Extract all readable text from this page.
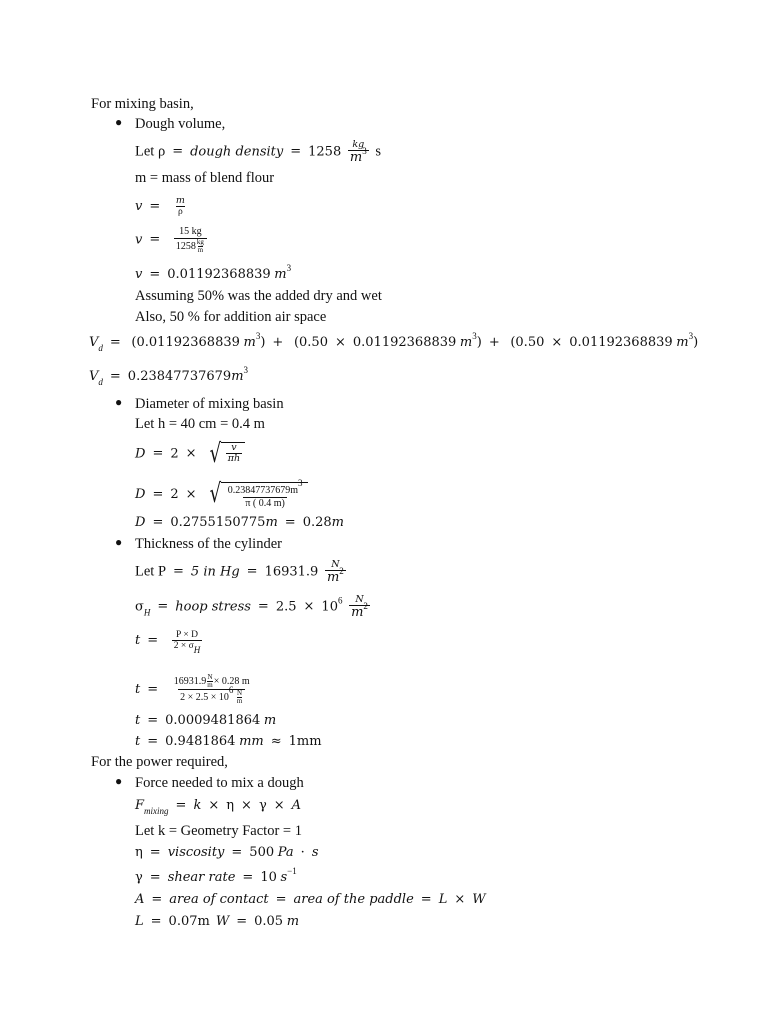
For mixing basin,
● Dough volume,
Let ρ = dough density = $1258 \frac{kg}{m^3}$ s
m = mass of blend flour
$v = \frac{m}{\rho}$
v =
15 kg
$1258 \frac{kg}{m}$
v = 0.01192368839 $m^3$
Assuming 50% was the added dry and wet
Also, 50 % for addition air space
$V_d = (0.01192368839$ $m^3) + (0.50 \times 0.01192368839$ $m^3) + (0.50 \times 0.01192368839$ $m^3$)
$V_d = 0.23847737679m^3$
● Diameter of mixing basin
Let h = 40 cm = 0.4 m
D = 2 × √ $\frac{v}{\pi h}$
D = 2 × √ $\frac{0.23847737679m^3}{\pi ( 0.4 m)}$
D = 0.2755150775m = 0.28m
● Thickness of the cylinder
Let P = 5 in $Hg = 16931.9 \frac{N}{m^2}$
$\sigma_H$ = hoop stress = $2.5 \times 10^6 \frac{N}{m^2}$
$t = \frac{P \times D}{2 \times \sigma_H}$
$t = 16931.9 \frac{N}{m} \times 0.28$ m
$2 \times 2.5 \times 10^6$
$\frac{N}{m}$
t = 0.0009481864 m
t = 0.9481864 mm ≈ 1mm
For the power required,
● Force needed to mix a dough
$F_{mixing} = k \times \eta \times \gamma \times A$
Let k = Geometry Factor = 1
η = viscosity = 500 Pa · s
γ = shear rate = 10 $s^{-1}$
A = area of contact = area of the paddle = L × W
L = 0.07m W = 0.05 m
